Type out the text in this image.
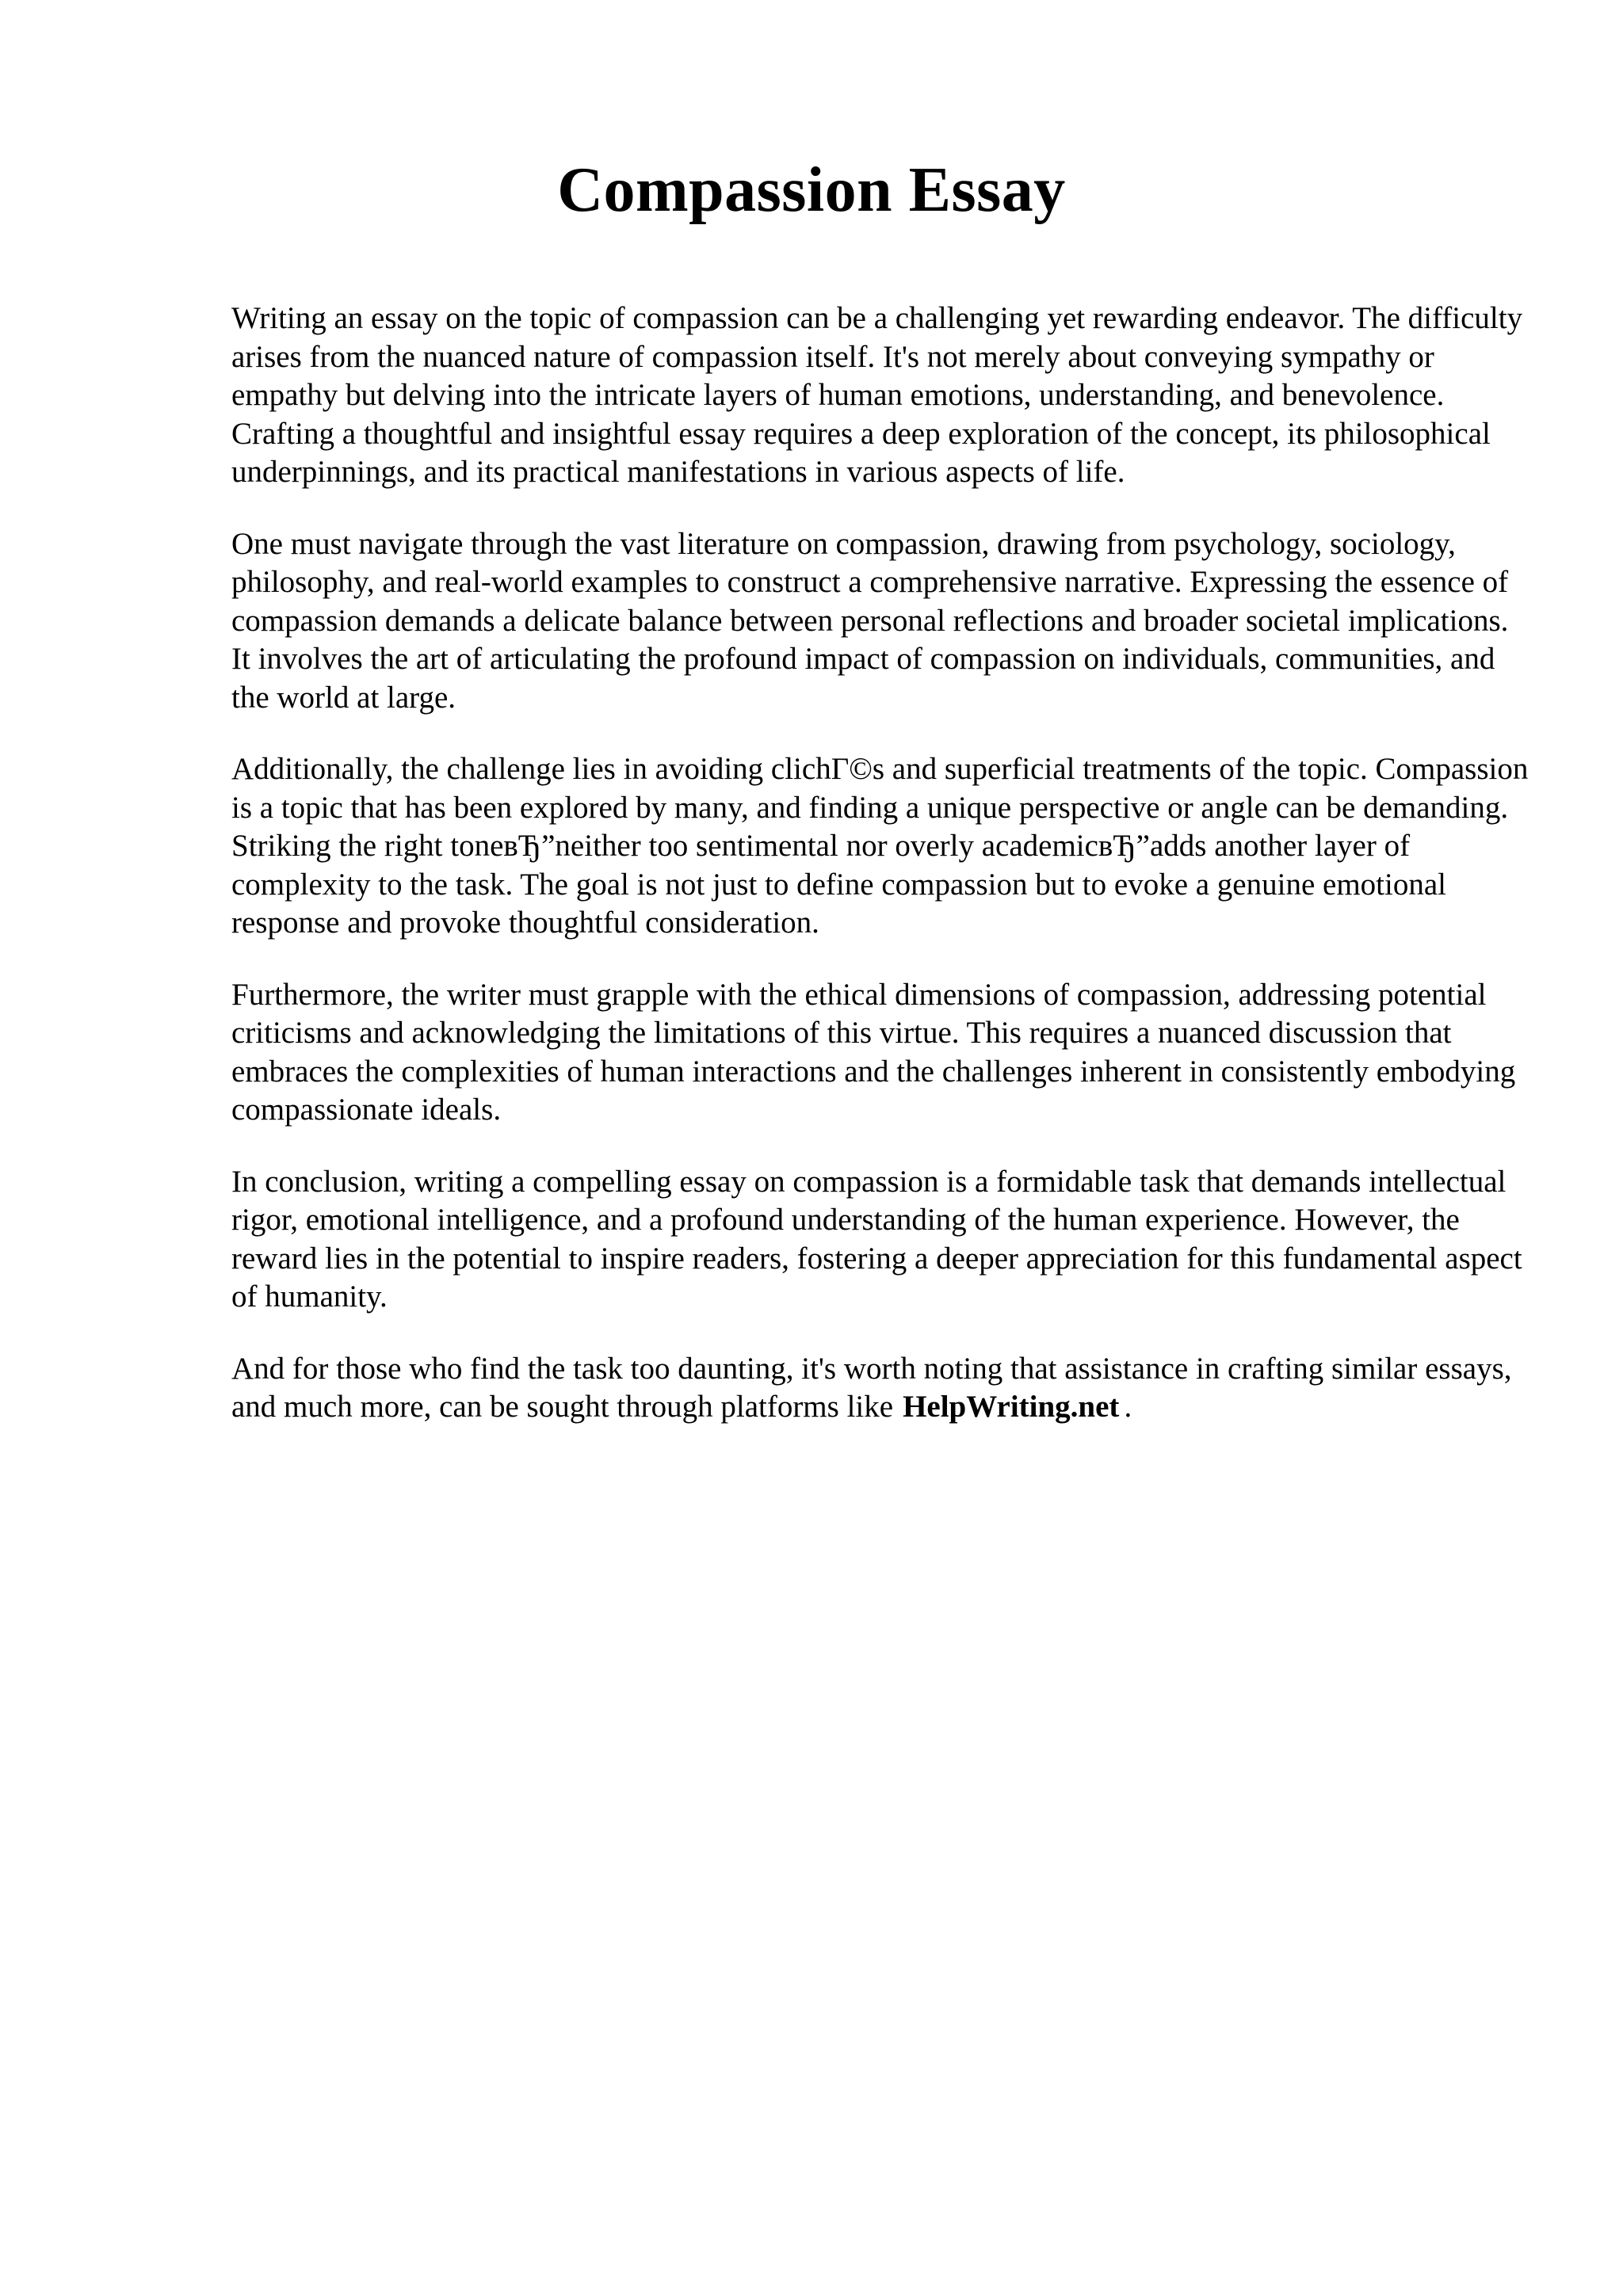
Compassion Essay

Writing an essay on the topic of compassion can be a challenging yet rewarding endeavor. The difficulty arises from the nuanced nature of compassion itself. It's not merely about conveying sympathy or empathy but delving into the intricate layers of human emotions, understanding, and benevolence. Crafting a thoughtful and insightful essay requires a deep exploration of the concept, its philosophical underpinnings, and its practical manifestations in various aspects of life.

One must navigate through the vast literature on compassion, drawing from psychology, sociology, philosophy, and real-world examples to construct a comprehensive narrative. Expressing the essence of compassion demands a delicate balance between personal reflections and broader societal implications. It involves the art of articulating the profound impact of compassion on individuals, communities, and the world at large.

Additionally, the challenge lies in avoiding clichГ©s and superficial treatments of the topic. Compassion is a topic that has been explored by many, and finding a unique perspective or angle can be demanding. Striking the right toneвЂ”neither too sentimental nor overly academicвЂ”adds another layer of complexity to the task. The goal is not just to define compassion but to evoke a genuine emotional response and provoke thoughtful consideration.

Furthermore, the writer must grapple with the ethical dimensions of compassion, addressing potential criticisms and acknowledging the limitations of this virtue. This requires a nuanced discussion that embraces the complexities of human interactions and the challenges inherent in consistently embodying compassionate ideals.

In conclusion, writing a compelling essay on compassion is a formidable task that demands intellectual rigor, emotional intelligence, and a profound understanding of the human experience. However, the reward lies in the potential to inspire readers, fostering a deeper appreciation for this fundamental aspect of humanity.

And for those who find the task too daunting, it's worth noting that assistance in crafting similar essays, and much more, can be sought through platforms like HelpWriting.net .
